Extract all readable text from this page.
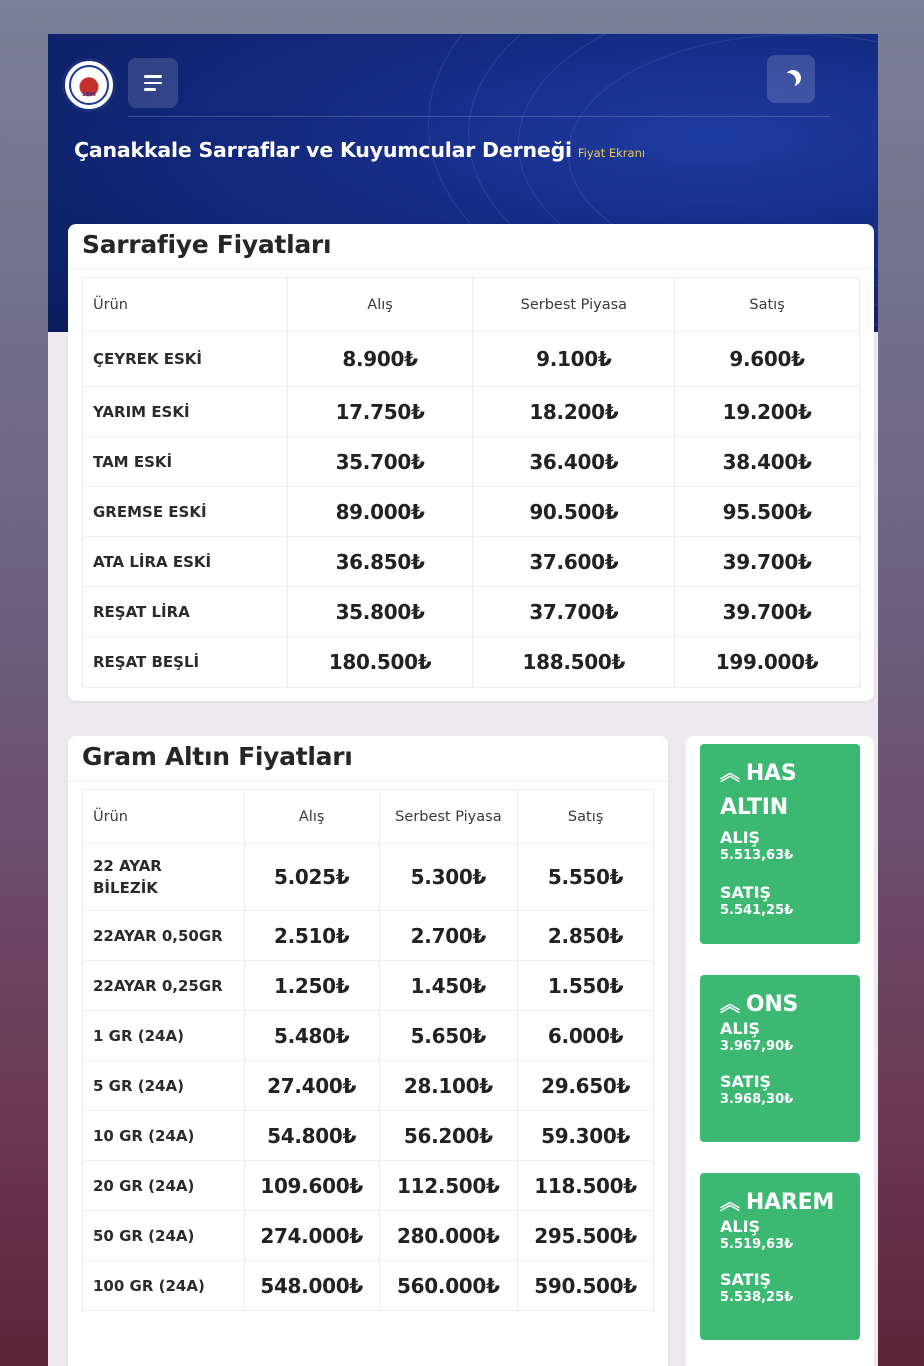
1996
Çanakkale Sarraflar ve Kuyumcular Derneği Fiyat Ekranı
Sarrafiye Fiyatları
Ürün	Alış	Serbest Piyasa	Satış
ÇEYREK ESKİ	8.900₺	9.100₺	9.600₺
YARIM ESKİ	17.750₺	18.200₺	19.200₺
TAM ESKİ	35.700₺	36.400₺	38.400₺
GREMSE ESKİ	89.000₺	90.500₺	95.500₺
ATA LİRA ESKİ	36.850₺	37.600₺	39.700₺
REŞAT LİRA	35.800₺	37.700₺	39.700₺
REŞAT BEŞLİ	180.500₺	188.500₺	199.000₺
Gram Altın Fiyatları
Ürün	Alış	Serbest Piyasa	Satış
22 AYAR BİLEZİK	5.025₺	5.300₺	5.550₺
22AYAR 0,50GR	2.510₺	2.700₺	2.850₺
22AYAR 0,25GR	1.250₺	1.450₺	1.550₺
1 GR (24A)	5.480₺	5.650₺	6.000₺
5 GR (24A)	27.400₺	28.100₺	29.650₺
10 GR (24A)	54.800₺	56.200₺	59.300₺
20 GR (24A)	109.600₺	112.500₺	118.500₺
50 GR (24A)	274.000₺	280.000₺	295.500₺
100 GR (24A)	548.000₺	560.000₺	590.500₺
︽ HAS ALTIN
ALIŞ
5.513,63₺
SATIŞ
5.541,25₺
︽ ONS
ALIŞ
3.967,90₺
SATIŞ
3.968,30₺
︽ HAREM
ALIŞ
5.519,63₺
SATIŞ
5.538,25₺
